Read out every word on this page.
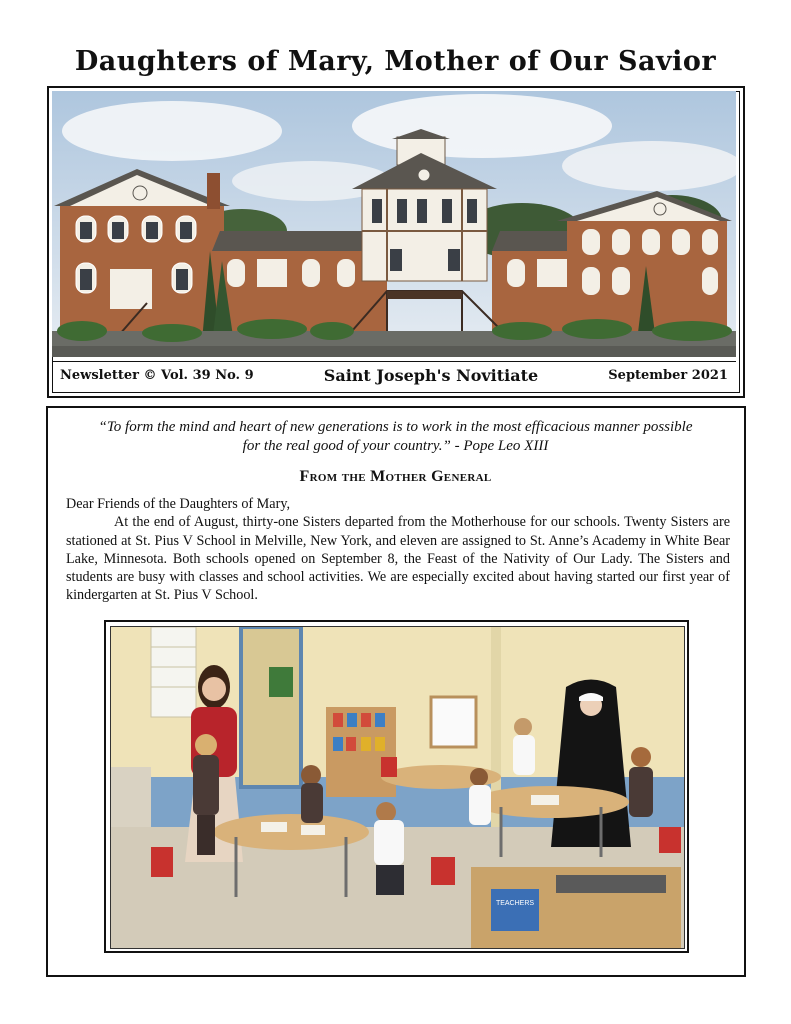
Daughters of Mary, Mother of Our Savior
Newsletter © Vol. 39 No. 9	Saint Joseph's Novitiate	September 2021
“To form the mind and heart of new generations is to work in the most efficacious manner possible
for the real good of your country.” - Pope Leo XIII
From the Mother General

Dear Friends of the Daughters of Mary,

At the end of August, thirty-one Sisters departed from the Motherhouse for our schools. Twenty Sisters are stationed at St. Pius V School in Melville, New York, and eleven are assigned to St. Anne’s Academy in White Bear Lake, Minnesota. Both schools opened on September 8, the Feast of the Nativity of Our Lady. The Sisters and students are busy with classes and school activities. We are especially excited about having started our first year of kindergarten at St. Pius V School.

TEACHERS
